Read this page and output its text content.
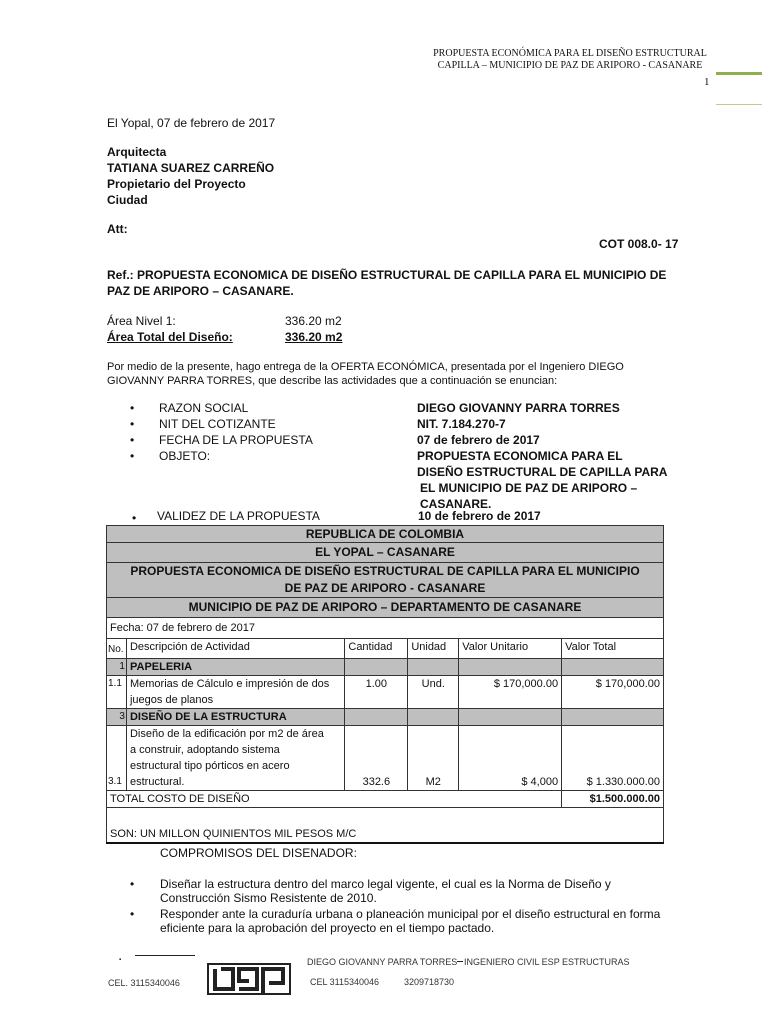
PROPUESTA ECONÓMICA PARA EL DISEÑO ESTRUCTURAL
CAPILLA – MUNICIPIO DE PAZ DE ARIPORO - CASANARE
1
El Yopal, 07 de febrero de 2017
Arquitecta
TATIANA SUAREZ CARREÑO
Propietario del Proyecto
Ciudad
Att:
COT 008.0- 17
Ref.: PROPUESTA ECONOMICA DE DISEÑO ESTRUCTURAL DE CAPILLA PARA EL MUNICIPIO DE
PAZ DE ARIPORO – CASANARE.
Área Nivel 1:	336.20 m2
Área Total del Diseño:	336.20 m2
Por medio de la presente, hago entrega de la OFERTA ECONÓMICA, presentada por el Ingeniero DIEGO
GIOVANNY PARRA TORRES, que describe las actividades que a continuación se enuncian:
• RAZON SOCIAL	DIEGO GIOVANNY PARRA TORRES
• NIT DEL COTIZANTE	NIT. 7.184.270-7
• FECHA DE LA PROPUESTA	07 de febrero de 2017
• OBJETO:	PROPUESTA ECONOMICA PARA EL
DISEÑO ESTRUCTURAL DE CAPILLA PARA
EL MUNICIPIO DE PAZ DE ARIPORO –
CASANARE.
• VALIDEZ DE LA PROPUESTA	10 de febrero de 2017
REPUBLICA DE COLOMBIA					
EL YOPAL – CASANARE					

PROPUESTA ECONOMICA DE DISEÑO ESTRUCTURAL DE CAPILLA PARA EL MUNICIPIO
DE PAZ DE ARIPORO - CASANARE					

MUNICIPIO DE PAZ DE ARIPORO – DEPARTAMENTO DE CASANARE					
Fecha: 07 de febrero de 2017					
No.	Descripción de Actividad	Cantidad	Unidad	Valor Unitario	Valor Total
1	PAPELERIA				
1.1	Memorias de Cálculo e impresión de dos
juegos de planos	1.00	Und.	$ 170,000.00	$ 170,000.00
3	DISEÑO DE LA ESTRUCTURA				
3.1	Diseño de la edificación por m2 de área
a construir, adoptando sistema
estructural tipo pórticos en acero
estructural.	332.6	M2	$ 4,000	$ 1.330.000.00
TOTAL COSTO DE DISEÑO					$1.500.000.00
SON: UN MILLON QUINIENTOS MIL PESOS M/C					
COMPROMISOS DEL DISENADOR:
• Diseñar la estructura dentro del marco legal vigente, el cual es la Norma de Diseño y
Construcción Sismo Resistente de 2010.
• Responder ante la curaduría urbana o planeación municipal por el diseño estructural en forma
eficiente para la aprobación del proyecto en el tiempo pactado.
▪
CEL. 3115340046
DIEGO GIOVANNY PARRA TORRES INGENIERO CIVIL ESP ESTRUCTURAS
CEL 3115340046	3209718730
